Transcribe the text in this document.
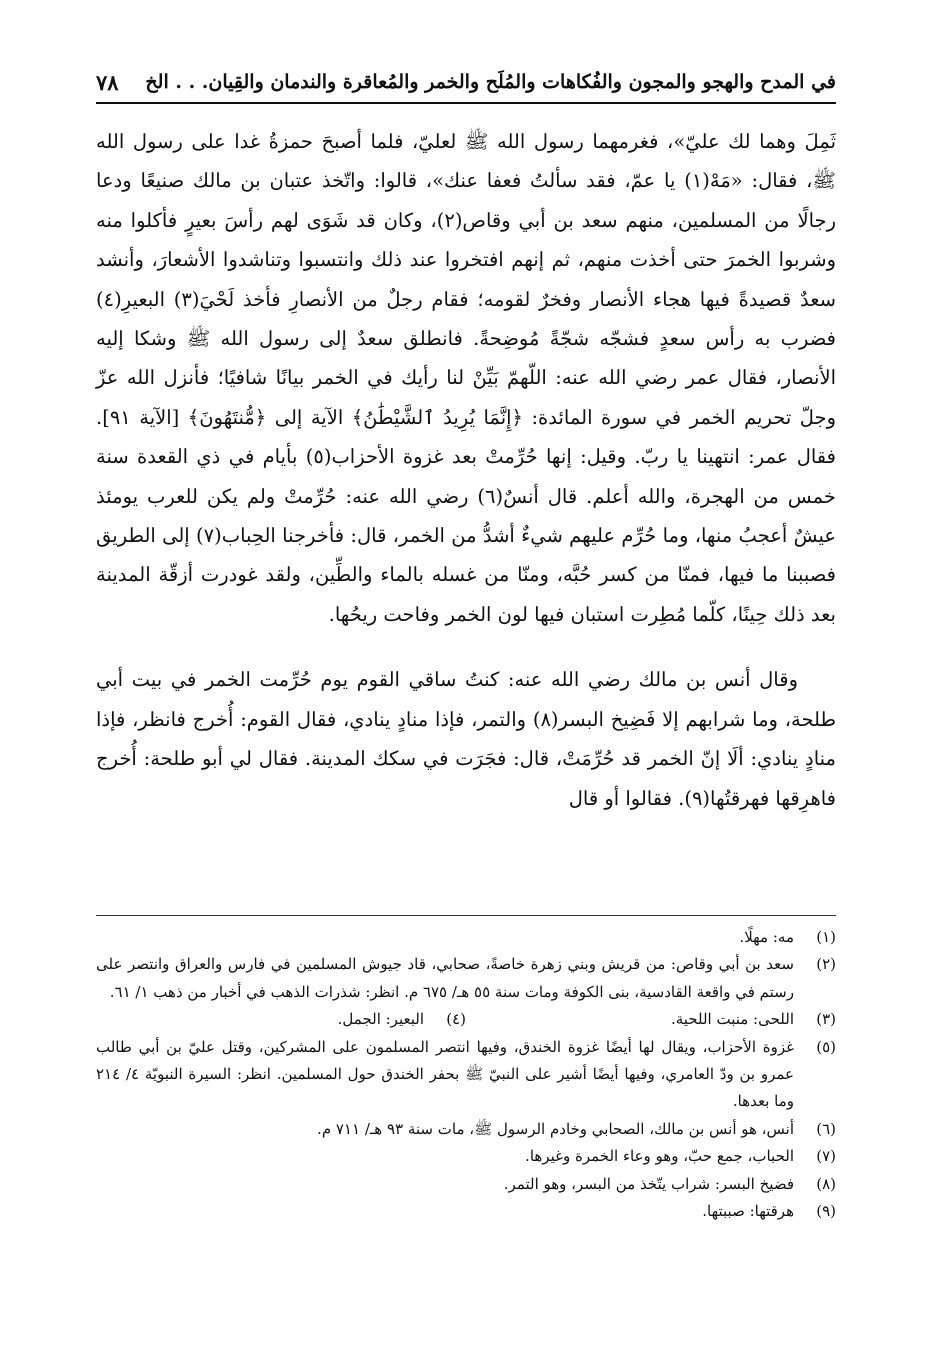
في المدح والهجو والمجون والفُكاهات والمُلَح والخمر والمُعاقرة والندمان والقِيان. . . الخ
٧٨

ثَمِلَ وهما لك عليّ»، فغرمهما رسول الله ﷺ لعليّ، فلما أصبحَ حمزةُ غدا على رسول الله ﷺ، فقال: «مَهْ(١) يا عمّ، فقد سألتُ فعفا عنك»، قالوا: واتّخذ عتبان بن مالك صنيعًا ودعا رجالًا من المسلمين، منهم سعد بن أبي وقاص(٢)، وكان قد شَوَى لهم رأسَ بعيرٍ فأكلوا منه وشربوا الخمرَ حتى أخذت منهم، ثم إنهم افتخروا عند ذلك وانتسبوا وتناشدوا الأشعارَ، وأنشد سعدٌ قصيدةً فيها هجاء الأنصار وفخرٌ لقومه؛ فقام رجلٌ من الأنصارِ فأخذ لَحْيَ(٣) البعيرِ(٤) فضرب به رأس سعدٍ فشجّه شجّةً مُوضِحةً. فانطلق سعدٌ إلى رسول الله ﷺ وشكا إليه الأنصار، فقال عمر رضي الله عنه: اللّهمّ بَيِّنْ لنا رأيك في الخمر بيانًا شافيًا؛ فأنزل الله عزّ وجلّ تحريم الخمر في سورة المائدة: ﴿إِنَّمَا يُرِيدُ ٱلشَّيْطَٰنُ﴾ الآية إلى ﴿مُّنتَهُونَ﴾ [الآية ٩١]. فقال عمر: انتهينا يا ربّ. وقيل: إنها حُرِّمتْ بعد غزوة الأحزاب(٥) بأيام في ذي القعدة سنة خمس من الهجرة، والله أعلم. قال أنسٌ(٦) رضي الله عنه: حُرِّمتْ ولم يكن للعرب يومئذ عيشٌ أعجبُ منها، وما حُرِّم عليهم شيءٌ أشدُّ من الخمر، قال: فأخرجنا الحِباب(٧) إلى الطريق فصببنا ما فيها، فمنّا من كسر حُبَّه، ومنّا من غسله بالماء والطِّين، ولقد غودرت أزقّة المدينة بعد ذلك حِينًا، كلّما مُطِرت استبان فيها لون الخمر وفاحت ريحُها.

وقال أنس بن مالك رضي الله عنه: كنتُ ساقي القوم يوم حُرِّمت الخمر في بيت أبي طلحة، وما شرابهم إلا فَضِيخ البسر(٨) والتمر، فإذا منادٍ ينادي، فقال القوم: أُخرج فانظر، فإذا منادٍ ينادي: ألَا إنّ الخمر قد حُرِّمَتْ، قال: فجَرَت في سكك المدينة. فقال لي أبو طلحة: أُخرج فاهرِقها فهرقتُها(٩). فقالوا أو قال

(١)
مه: مهلًا.
(٢)
سعد بن أبي وقاص: من قريش وبني زهرة خاصةً، صحابي، قاد جيوش المسلمين في فارس والعراق وانتصر على رستم في واقعة القادسية، بنى الكوفة ومات سنة ٥٥ هـ/ ٦٧٥ م. انظر: شذرات الذهب في أخبار من ذهب ١/ ٦١.
(٣)
اللحى: منبت اللحية.
(٤)
البعير: الجمل.
(٥)
غزوة الأحزاب، ويقال لها أيضًا غزوة الخندق، وفيها انتصر المسلمون على المشركين، وقتل عليّ بن أبي طالب عمرو بن ودّ العامري، وفيها أيضًا أشير على النبيّ ﷺ بحفر الخندق حول المسلمين. انظر: السيرة النبويّة ٤/ ٢١٤ وما بعدها.
(٦)
أنس، هو أنس بن مالك، الصحابي وخادم الرسول ﷺ، مات سنة ٩٣ هـ/ ٧١١ م.
(٧)
الحباب، جمع حبّ، وهو وعاء الخمرة وغيرها.
(٨)
فضيخ البسر: شراب يتّخذ من البسر، وهو التمر.
(٩)
هرقتها: صببتها.
